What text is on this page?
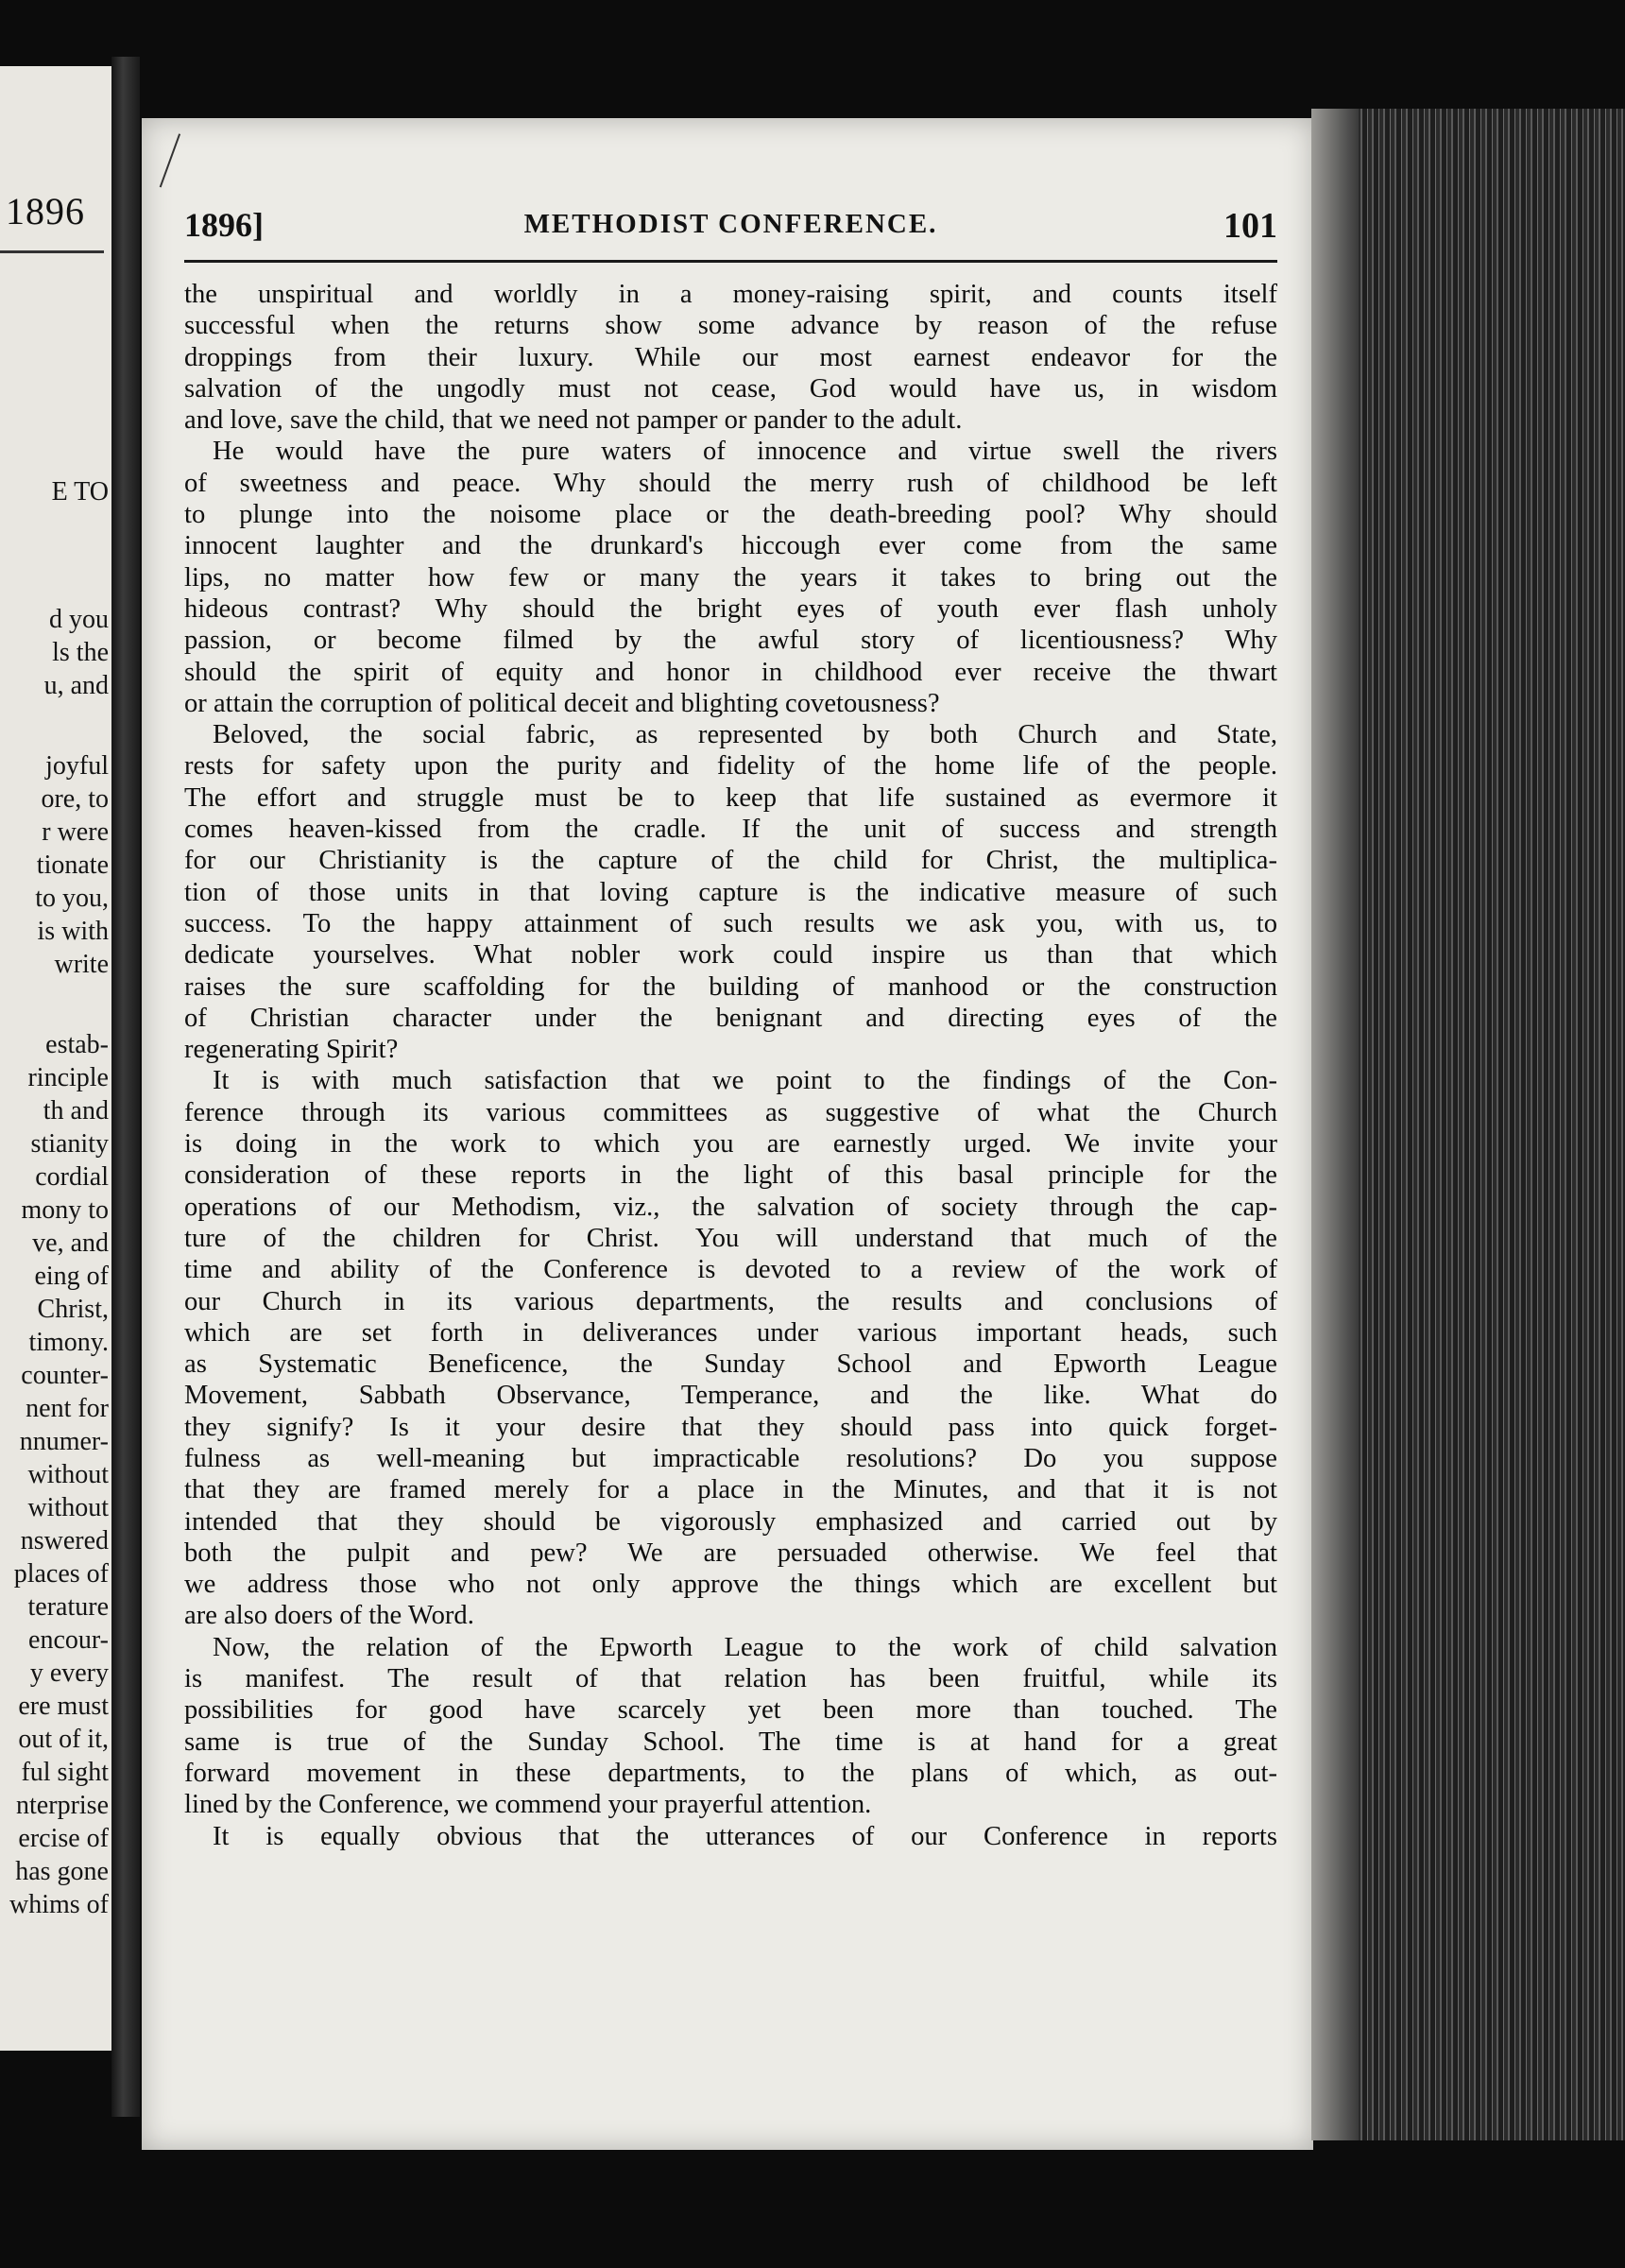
1896
E TO
d you
ls the
u, and
joyful
ore, to
r were
tionate
to you,
is with
write
estab-
rinciple
th and
stianity
cordial
mony to
ve, and
eing of
Christ,
timony.
counter-
nent for
nnumer-
without
without
nswered
places of
terature
encour-
y every
ere must
out of it,
ful sight
nterprise
ercise of
has gone
whims of
1896]	METHODIST CONFERENCE.	101
the unspiritual and worldly in a money-raising spirit, and counts itself
successful when the returns show some advance by reason of the refuse
droppings from their luxury. While our most earnest endeavor for the
salvation of the ungodly must not cease, God would have us, in wisdom
and love, save the child, that we need not pamper or pander to the adult.
He would have the pure waters of innocence and virtue swell the rivers
of sweetness and peace. Why should the merry rush of childhood be left
to plunge into the noisome place or the death-breeding pool? Why should
innocent laughter and the drunkard's hiccough ever come from the same
lips, no matter how few or many the years it takes to bring out the
hideous contrast? Why should the bright eyes of youth ever flash unholy
passion, or become filmed by the awful story of licentiousness? Why
should the spirit of equity and honor in childhood ever receive the thwart
or attain the corruption of political deceit and blighting covetousness?
Beloved, the social fabric, as represented by both Church and State,
rests for safety upon the purity and fidelity of the home life of the people.
The effort and struggle must be to keep that life sustained as evermore it
comes heaven-kissed from the cradle. If the unit of success and strength
for our Christianity is the capture of the child for Christ, the multiplica-
tion of those units in that loving capture is the indicative measure of such
success. To the happy attainment of such results we ask you, with us, to
dedicate yourselves. What nobler work could inspire us than that which
raises the sure scaffolding for the building of manhood or the construction
of Christian character under the benignant and directing eyes of the
regenerating Spirit?
It is with much satisfaction that we point to the findings of the Con-
ference through its various committees as suggestive of what the Church
is doing in the work to which you are earnestly urged. We invite your
consideration of these reports in the light of this basal principle for the
operations of our Methodism, viz., the salvation of society through the cap-
ture of the children for Christ. You will understand that much of the
time and ability of the Conference is devoted to a review of the work of
our Church in its various departments, the results and conclusions of
which are set forth in deliverances under various important heads, such
as Systematic Beneficence, the Sunday School and Epworth League
Movement, Sabbath Observance, Temperance, and the like. What do
they signify? Is it your desire that they should pass into quick forget-
fulness as well-meaning but impracticable resolutions? Do you suppose
that they are framed merely for a place in the Minutes, and that it is not
intended that they should be vigorously emphasized and carried out by
both the pulpit and pew? We are persuaded otherwise. We feel that
we address those who not only approve the things which are excellent but
are also doers of the Word.
Now, the relation of the Epworth League to the work of child salvation
is manifest. The result of that relation has been fruitful, while its
possibilities for good have scarcely yet been more than touched. The
same is true of the Sunday School. The time is at hand for a great
forward movement in these departments, to the plans of which, as out-
lined by the Conference, we commend your prayerful attention.
It is equally obvious that the utterances of our Conference in reports
